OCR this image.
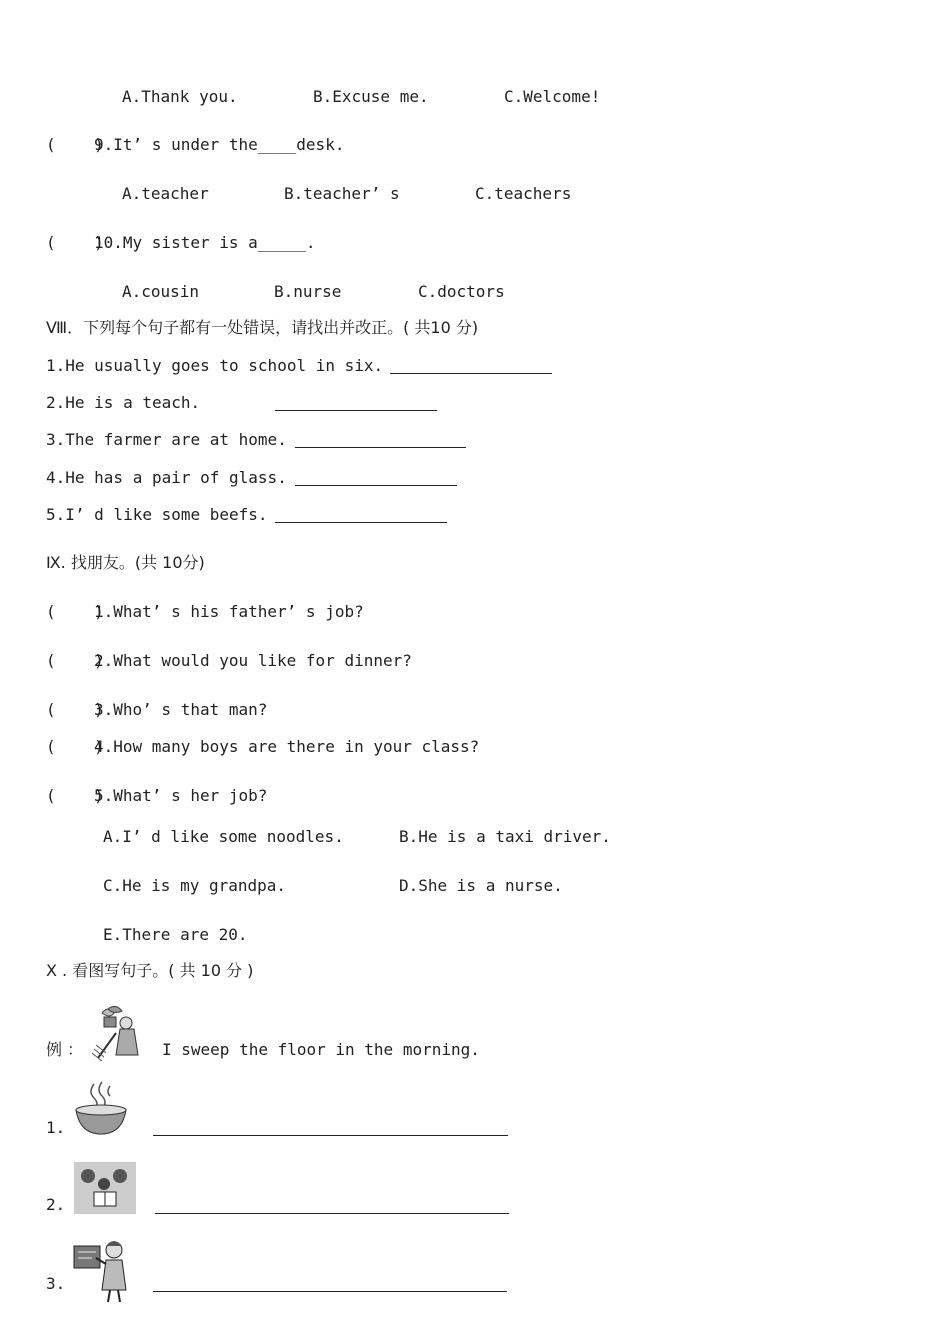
A.Thank you.	B.Excuse me.	C.Welcome!
(    )
9.It’ s under the____desk.
A.teacher	B.teacher’ s	C.teachers
(    )
10.My sister is a_____.
A.cousin	B.nurse	C.doctors
Ⅷ．下列每个句子都有一处错误，请找出并改正。( 共10 分)
1.He usually goes to school in six.
2.He is a teach.
3.The farmer are at home.
4.He has a pair of glass.
5.I’ d like some beefs.
Ⅸ. 找朋友。(共 10分)
(    )
1.What’ s his father’ s job?
(    )
2.What would you like for dinner?
(    )
3.Who’ s that man?
(    )
4.How many boys are there in your class?
(    )
5.What’ s her job?
A.I’ d like some noodles.	B.He is a taxi driver.
C.He is my grandpa.	D.She is a nurse.
E.There are 20.
Ⅹ . 看图写句子。( 共 10 分 )
例 ：	I sweep the floor in the morning.
1.
2.
3.
